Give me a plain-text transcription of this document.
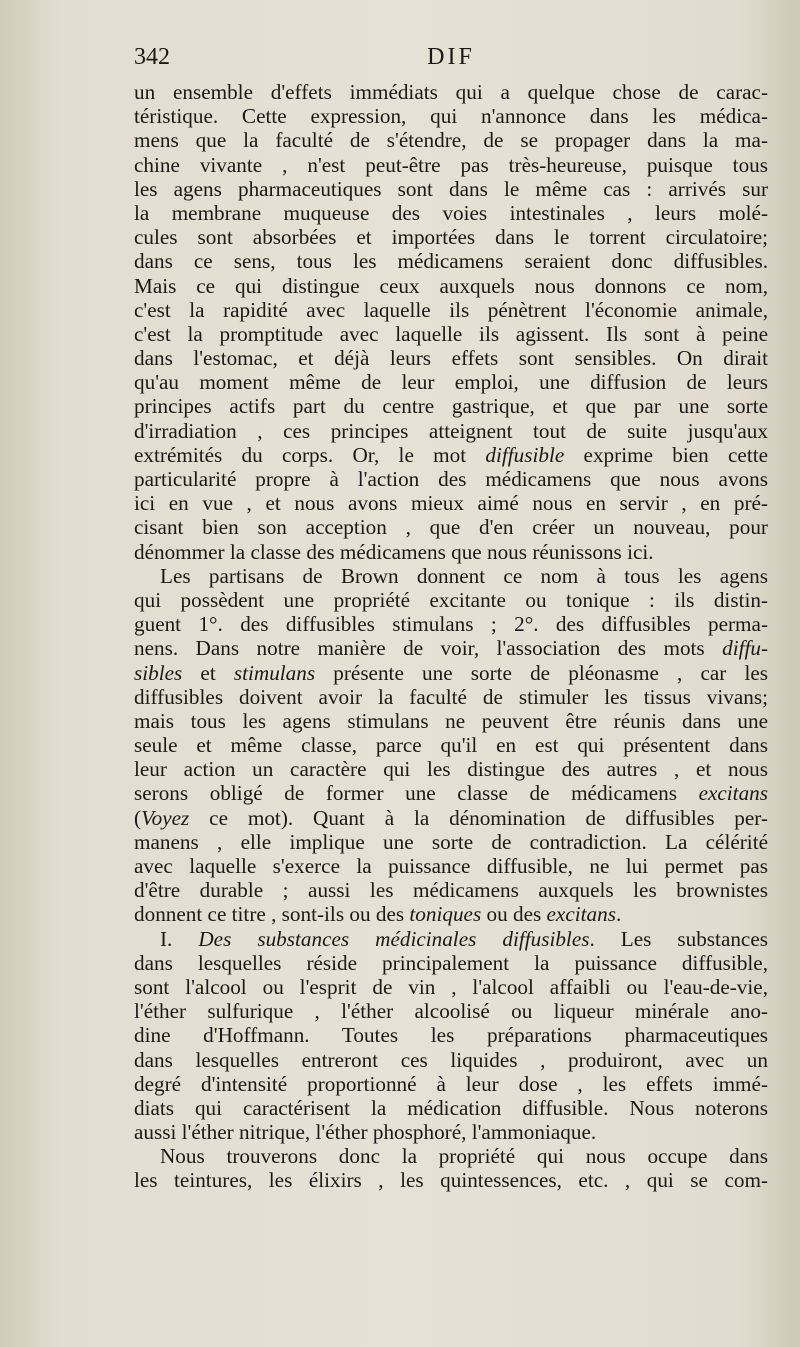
342	DIF
un ensemble d'effets immédiats qui a quelque chose de carac-
téristique. Cette expression, qui n'annonce dans les médica-
mens que la faculté de s'étendre, de se propager dans la ma-
chine vivante , n'est peut-être pas très-heureuse, puisque tous
les agens pharmaceutiques sont dans le même cas : arrivés sur
la membrane muqueuse des voies intestinales , leurs molé-
cules sont absorbées et importées dans le torrent circulatoire;
dans ce sens, tous les médicamens seraient donc diffusibles.
Mais ce qui distingue ceux auxquels nous donnons ce nom,
c'est la rapidité avec laquelle ils pénètrent l'économie animale,
c'est la promptitude avec laquelle ils agissent. Ils sont à peine
dans l'estomac, et déjà leurs effets sont sensibles. On dirait
qu'au moment même de leur emploi, une diffusion de leurs
principes actifs part du centre gastrique, et que par une sorte
d'irradiation , ces principes atteignent tout de suite jusqu'aux
extrémités du corps. Or, le mot diffusible exprime bien cette
particularité propre à l'action des médicamens que nous avons
ici en vue , et nous avons mieux aimé nous en servir , en pré-
cisant bien son acception , que d'en créer un nouveau, pour
dénommer la classe des médicamens que nous réunissons ici.
Les partisans de Brown donnent ce nom à tous les agens
qui possèdent une propriété excitante ou tonique : ils distin-
guent 1°. des diffusibles stimulans ; 2°. des diffusibles perma-
nens. Dans notre manière de voir, l'association des mots diffu-
sibles et stimulans présente une sorte de pléonasme , car les
diffusibles doivent avoir la faculté de stimuler les tissus vivans;
mais tous les agens stimulans ne peuvent être réunis dans une
seule et même classe, parce qu'il en est qui présentent dans
leur action un caractère qui les distingue des autres , et nous
serons obligé de former une classe de médicamens excitans
(Voyez ce mot). Quant à la dénomination de diffusibles per-
manens , elle implique une sorte de contradiction. La célérité
avec laquelle s'exerce la puissance diffusible, ne lui permet pas
d'être durable ; aussi les médicamens auxquels les brownistes
donnent ce titre , sont-ils ou des toniques ou des excitans.
I. Des substances médicinales diffusibles. Les substances
dans lesquelles réside principalement la puissance diffusible,
sont l'alcool ou l'esprit de vin , l'alcool affaibli ou l'eau-de-vie,
l'éther sulfurique , l'éther alcoolisé ou liqueur minérale ano-
dine d'Hoffmann. Toutes les préparations pharmaceutiques
dans lesquelles entreront ces liquides , produiront, avec un
degré d'intensité proportionné à leur dose , les effets immé-
diats qui caractérisent la médication diffusible. Nous noterons
aussi l'éther nitrique, l'éther phosphoré, l'ammoniaque.
Nous trouverons donc la propriété qui nous occupe dans
les teintures, les élixirs , les quintessences, etc. , qui se com-
